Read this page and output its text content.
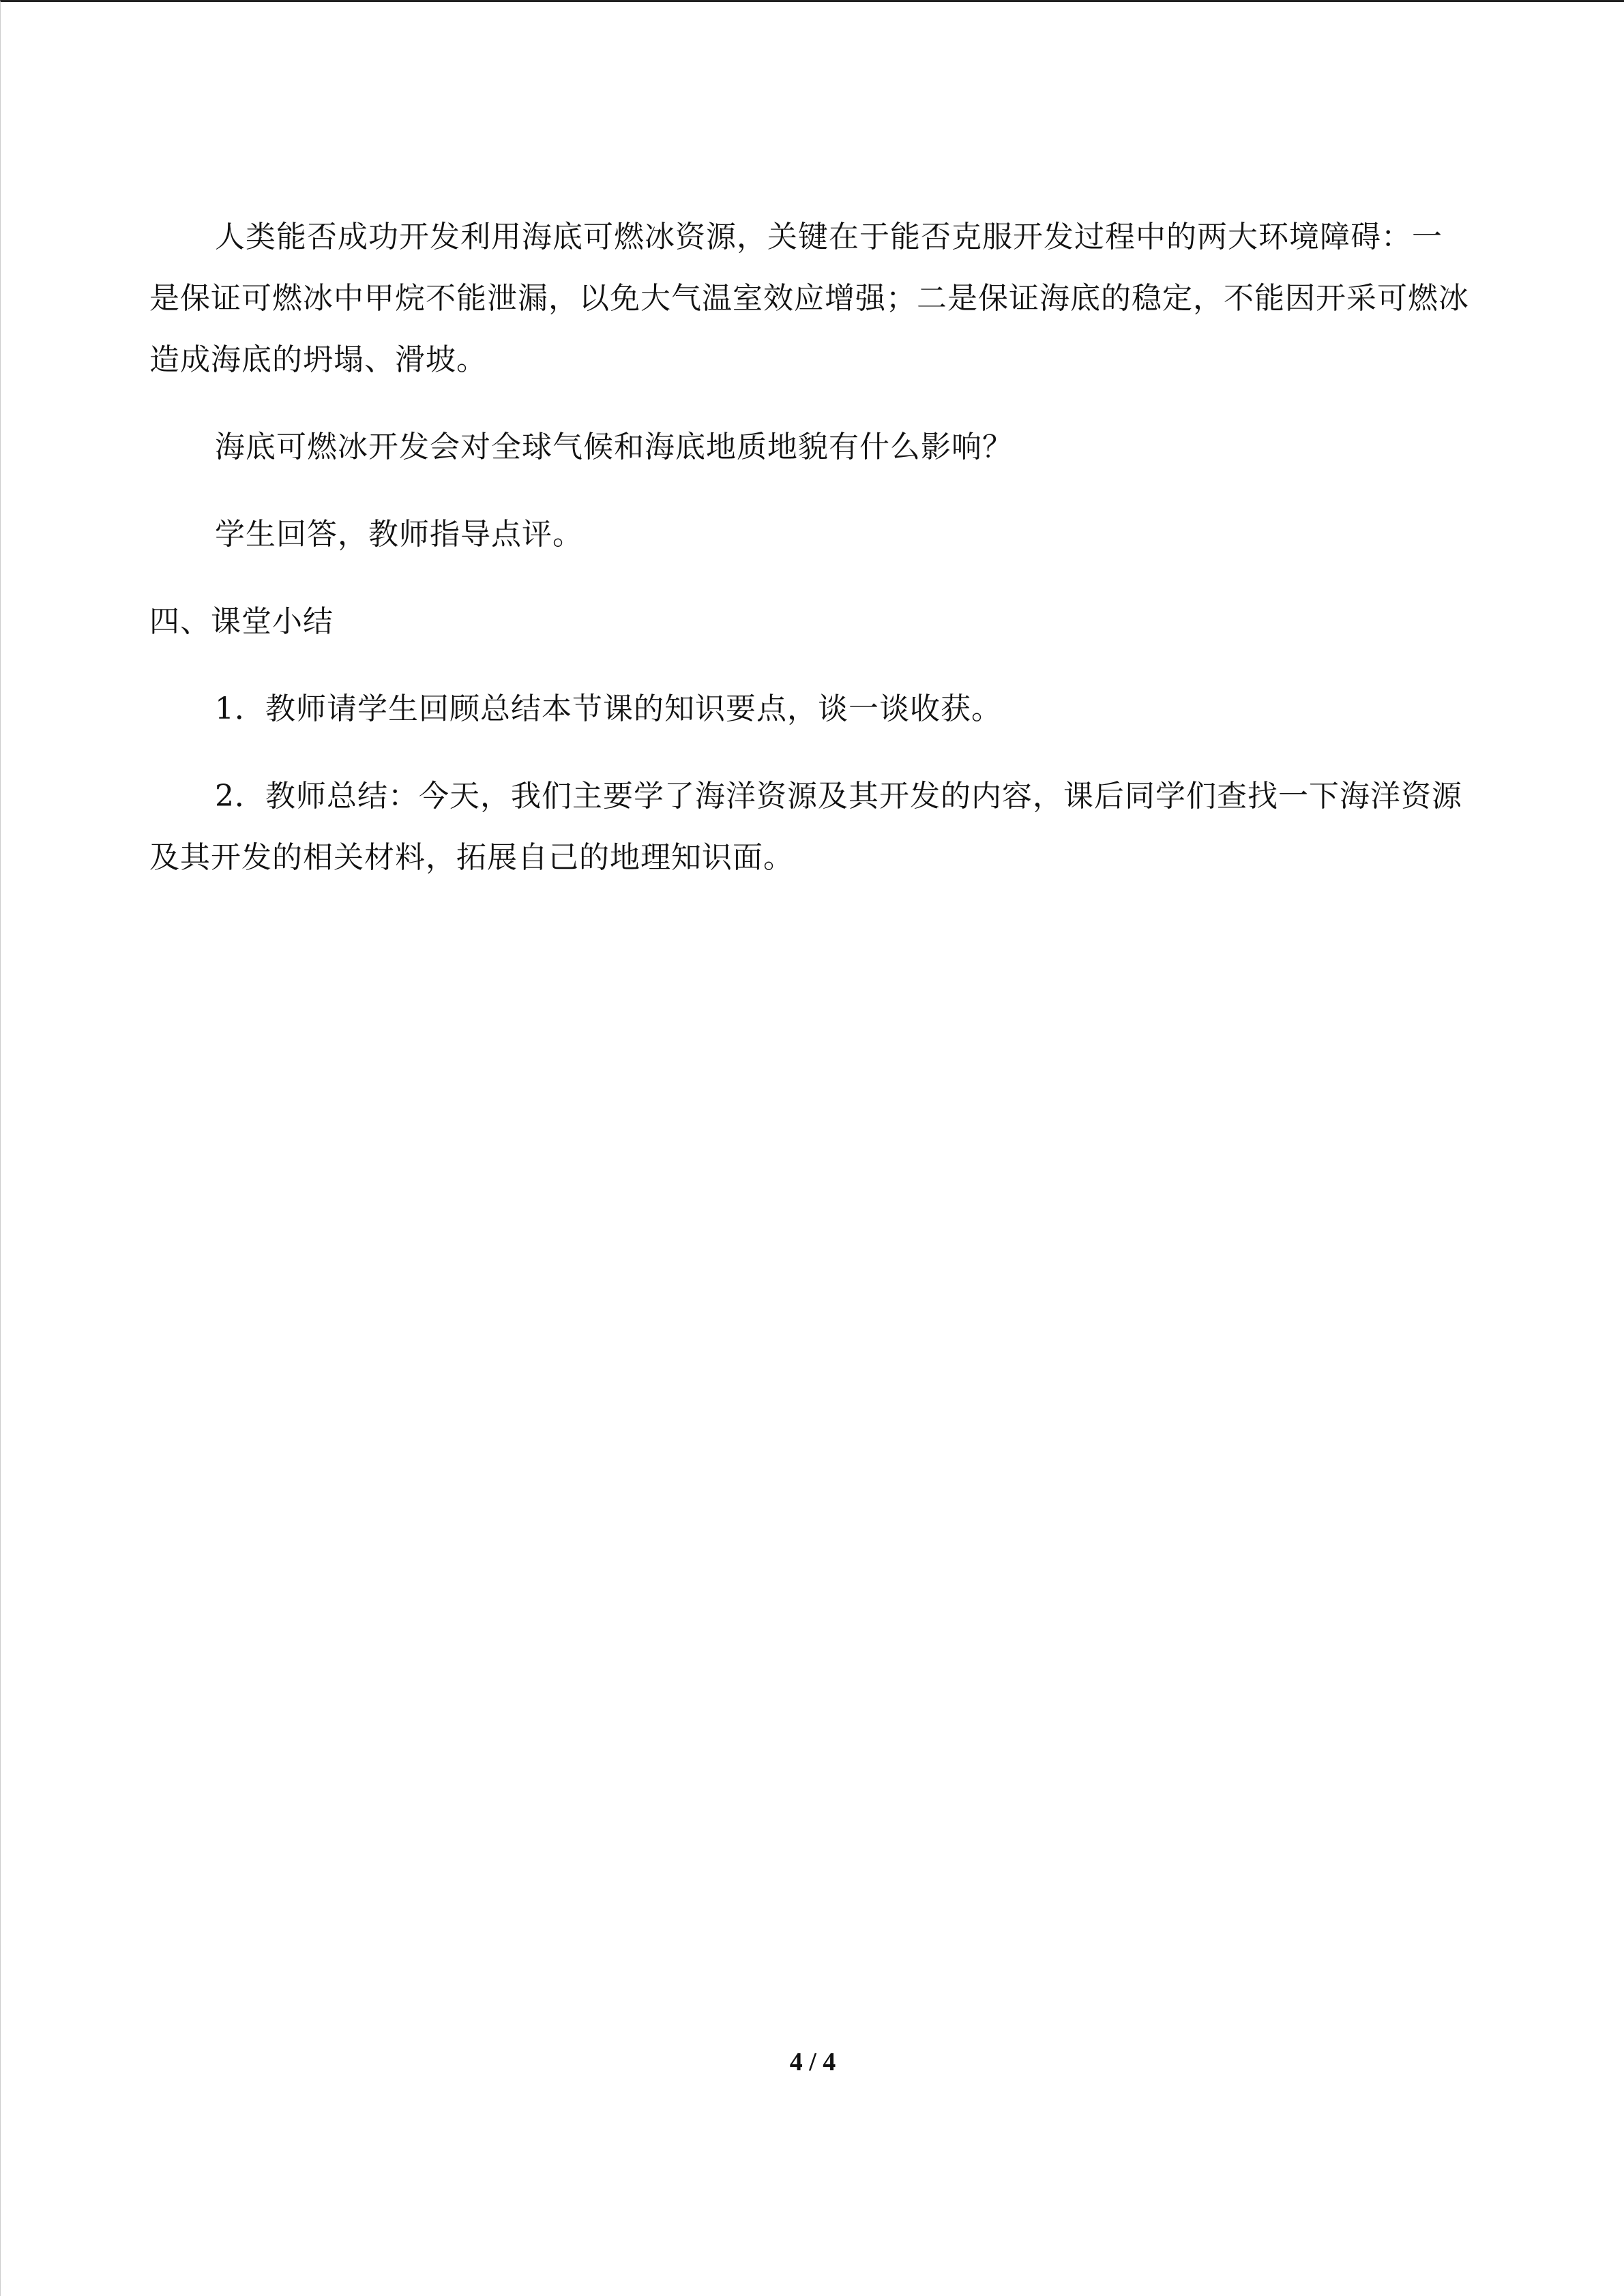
人类能否成功开发利用海底可燃冰资源，关键在于能否克服开发过程中的两大环境障碍：一是保证可燃冰中甲烷不能泄漏，以免大气温室效应增强；二是保证海底的稳定，不能因开采可燃冰造成海底的坍塌、滑坡。

海底可燃冰开发会对全球气候和海底地质地貌有什么影响？

学生回答，教师指导点评。

四、课堂小结

1．教师请学生回顾总结本节课的知识要点，谈一谈收获。

2．教师总结：今天，我们主要学了海洋资源及其开发的内容，课后同学们查找一下海洋资源及其开发的相关材料，拓展自己的地理知识面。

4 / 4
